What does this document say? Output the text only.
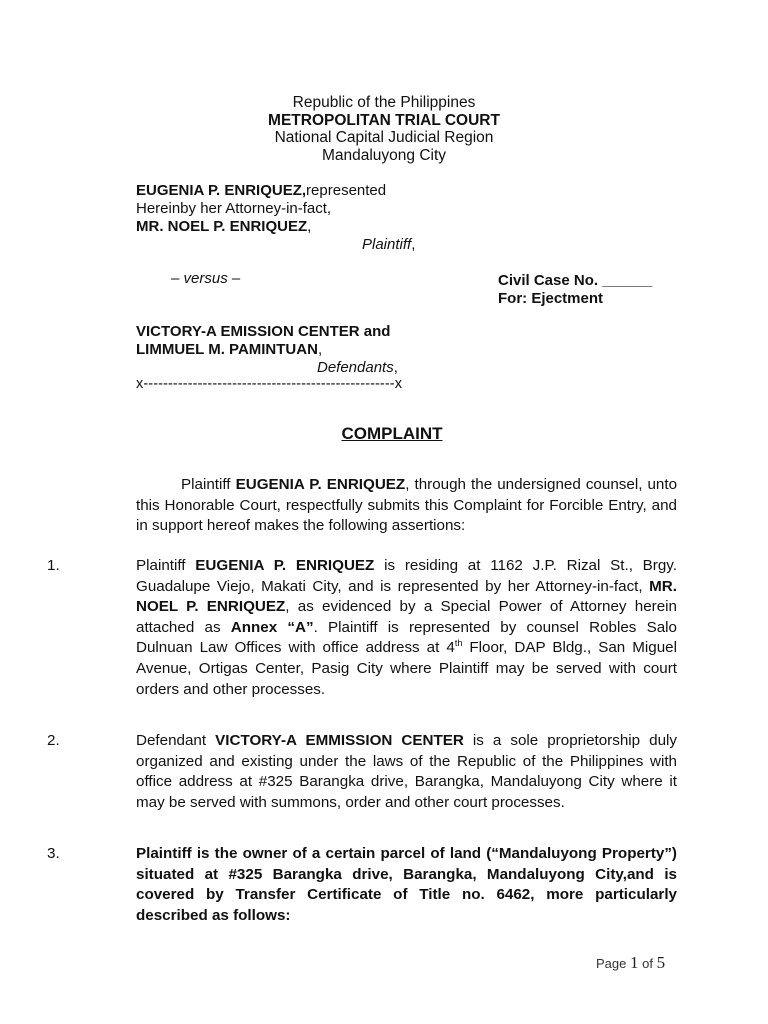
Republic of the Philippines
METROPOLITAN TRIAL COURT
National Capital Judicial Region
Mandaluyong City
EUGENIA P. ENRIQUEZ,represented
Hereinby her Attorney-in-fact,
MR. NOEL P. ENRIQUEZ,
Plaintiff,
– versus –	Civil Case No. ______
For: Ejectment
VICTORY-A EMISSION CENTER and
LIMMUEL M. PAMINTUAN,
Defendants,
x---------------------------------------------------x
COMPLAINT
Plaintiff EUGENIA P. ENRIQUEZ, through the undersigned counsel, unto this Honorable Court, respectfully submits this Complaint for Forcible Entry, and in support hereof makes the following assertions:
1.	Plaintiff EUGENIA P. ENRIQUEZ is residing at 1162 J.P. Rizal St., Brgy. Guadalupe Viejo, Makati City, and is represented by her Attorney-in-fact, MR. NOEL P. ENRIQUEZ, as evidenced by a Special Power of Attorney herein attached as Annex “A”. Plaintiff is represented by counsel Robles Salo Dulnuan Law Offices with office address at 4th Floor, DAP Bldg., San Miguel Avenue, Ortigas Center, Pasig City where Plaintiff may be served with court orders and other processes.
2.	Defendant VICTORY-A EMMISSION CENTER is a sole proprietorship duly organized and existing under the laws of the Republic of the Philippines with office address at #325 Barangka drive, Barangka, Mandaluyong City where it may be served with summons, order and other court processes.
3.	Plaintiff is the owner of a certain parcel of land (“Mandaluyong Property”) situated at #325 Barangka drive, Barangka, Mandaluyong City,and is covered by Transfer Certificate of Title no. 6462, more particularly described as follows:
Page 1 of 5
